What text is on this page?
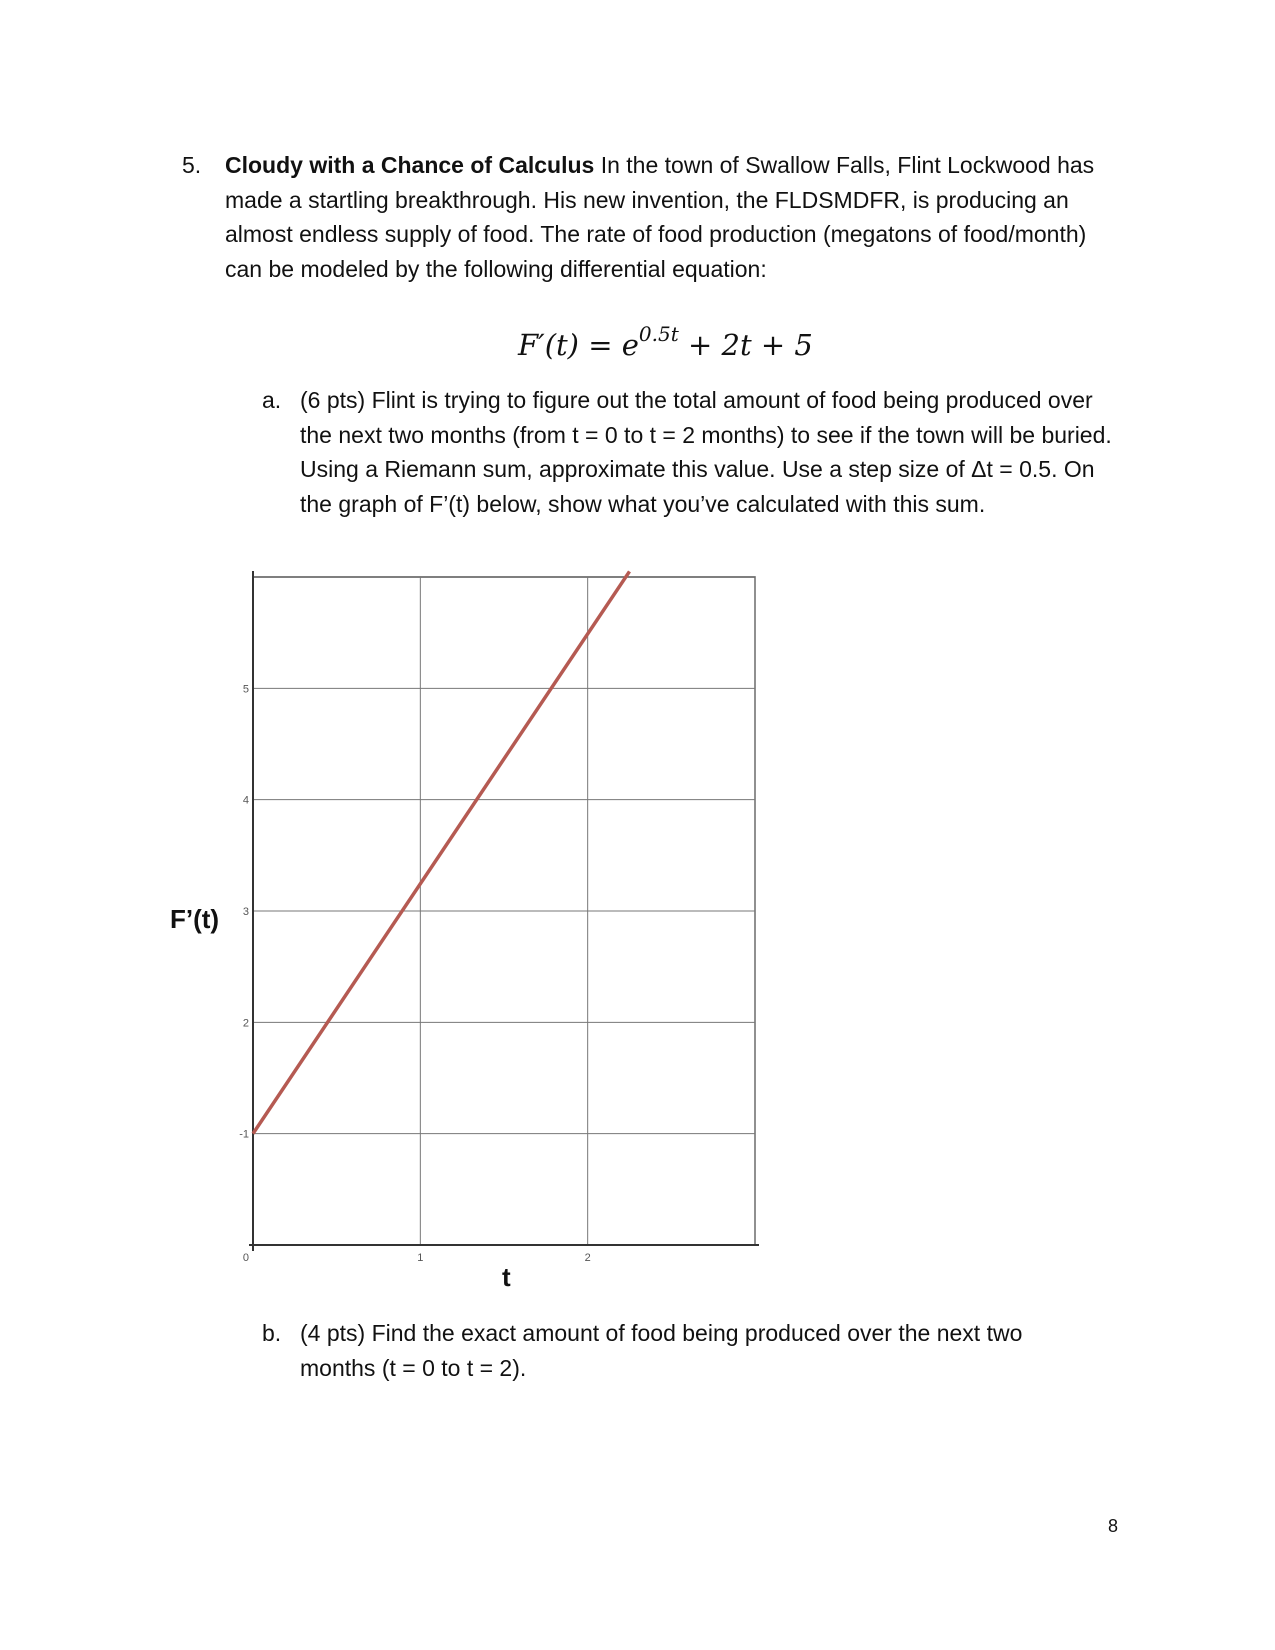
5. Cloudy with a Chance of Calculus In the town of Swallow Falls, Flint Lockwood has made a startling breakthrough. His new invention, the FLDSMDFR, is producing an almost endless supply of food. The rate of food production (megatons of food/month) can be modeled by the following differential equation:
$F'(t) = e^{0.5t} + 2t + 5$
a. (6 pts) Flint is trying to figure out the total amount of food being produced over the next two months (from t = 0 to t = 2 months) to see if the town will be buried. Using a Riemann sum, approximate this value. Use a step size of Δt = 0.5. On the graph of F’(t) below, show what you’ve calculated with this sum.
-1
2
3
4
5
0	1	2
F’(t)
t
b. (4 pts) Find the exact amount of food being produced over the next two months (t = 0 to t = 2).
8
